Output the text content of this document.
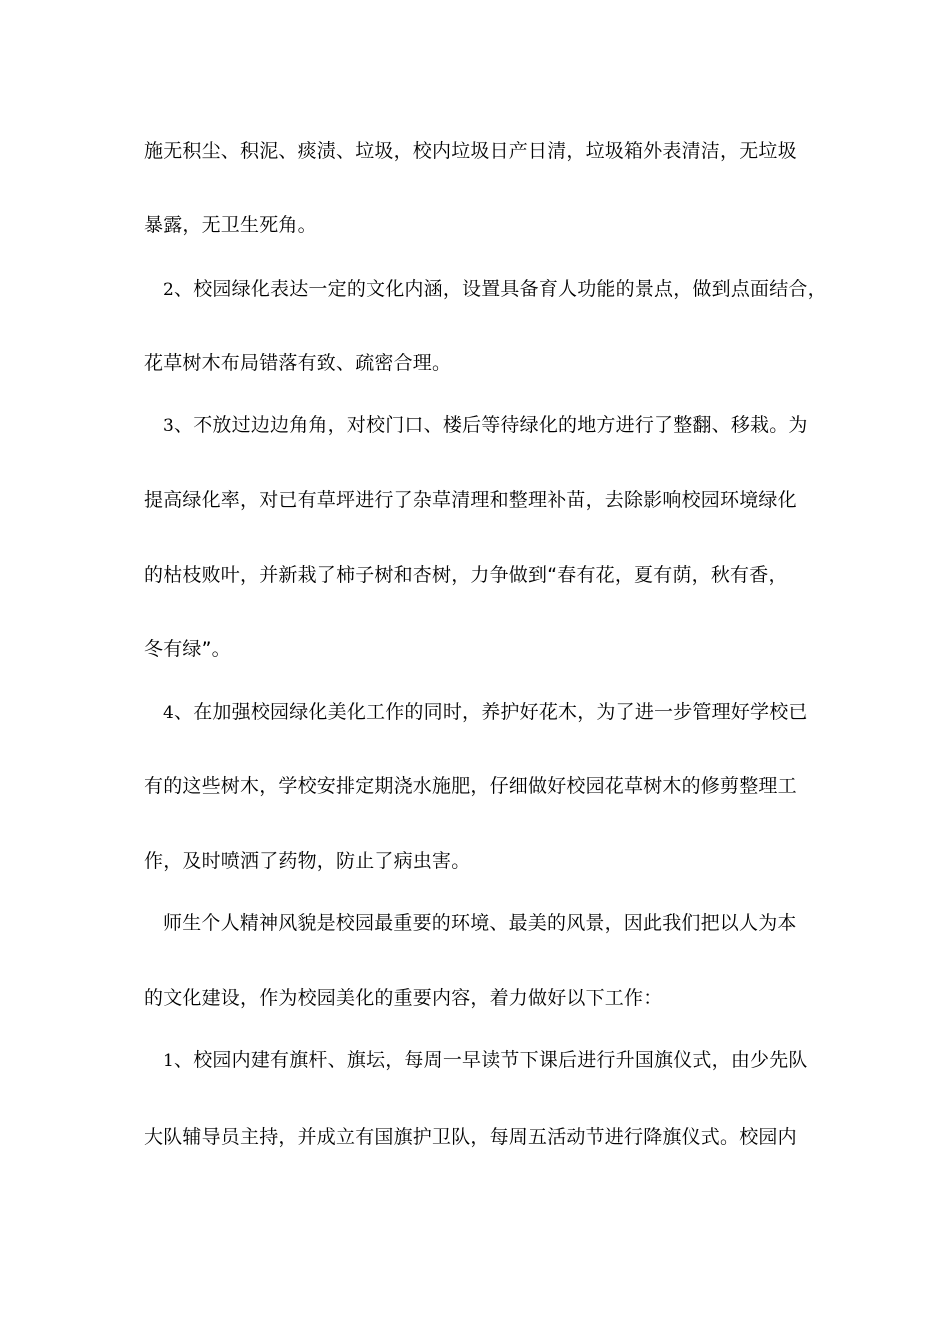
施无积尘、积泥、痰渍、垃圾，校内垃圾日产日清，垃圾箱外表清洁，无垃圾
暴露，无卫生死角。
2、校园绿化表达一定的文化内涵，设置具备育人功能的景点，做到点面结合，
花草树木布局错落有致、疏密合理。
3、不放过边边角角，对校门口、楼后等待绿化的地方进行了整翻、移栽。为
提高绿化率，对已有草坪进行了杂草清理和整理补苗，去除影响校园环境绿化
的枯枝败叶，并新栽了柿子树和杏树，力争做到“春有花，夏有荫，秋有香，
冬有绿”。
4、在加强校园绿化美化工作的同时，养护好花木，为了进一步管理好学校已
有的这些树木，学校安排定期浇水施肥，仔细做好校园花草树木的修剪整理工
作，及时喷洒了药物，防止了病虫害。
师生个人精神风貌是校园最重要的环境、最美的风景，因此我们把以人为本
的文化建设，作为校园美化的重要内容，着力做好以下工作：
1、校园内建有旗杆、旗坛，每周一早读节下课后进行升国旗仪式，由少先队
大队辅导员主持，并成立有国旗护卫队，每周五活动节进行降旗仪式。校园内
